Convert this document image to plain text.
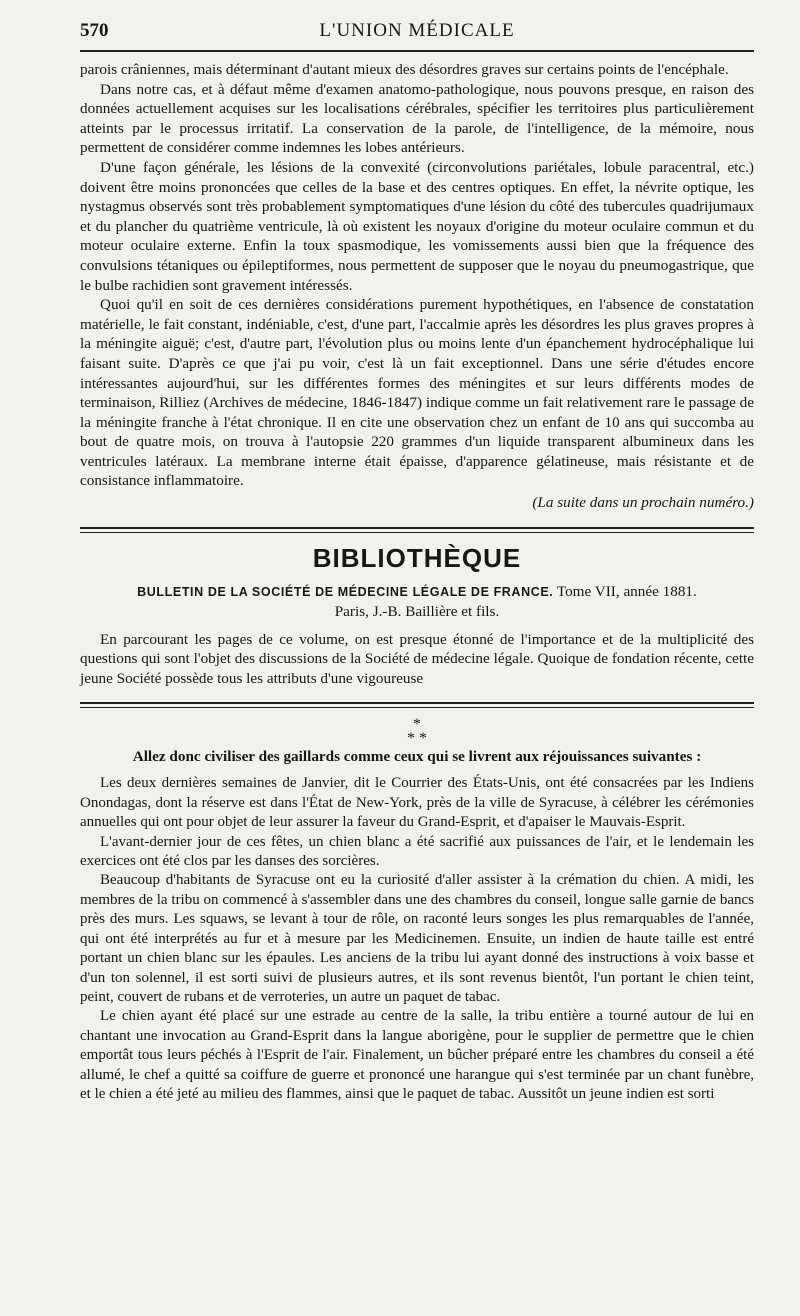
570	L'UNION MÉDICALE

parois crâniennes, mais déterminant d'autant mieux des désordres graves sur certains points de l'encéphale.

Dans notre cas, et à défaut même d'examen anatomo-pathologique, nous pouvons presque, en raison des données actuellement acquises sur les localisations cérébrales, spécifier les territoires plus particulièrement atteints par le processus irritatif. La conservation de la parole, de l'intelligence, de la mémoire, nous permettent de considérer comme indemnes les lobes antérieurs.

D'une façon générale, les lésions de la convexité (circonvolutions pariétales, lobule paracentral, etc.) doivent être moins prononcées que celles de la base et des centres optiques. En effet, la névrite optique, les nystagmus observés sont très probablement symptomatiques d'une lésion du côté des tubercules quadrijumaux et du plancher du quatrième ventricule, là où existent les noyaux d'origine du moteur oculaire commun et du moteur oculaire externe. Enfin la toux spasmodique, les vomissements aussi bien que la fréquence des convulsions tétaniques ou épileptiformes, nous permettent de supposer que le noyau du pneumogastrique, que le bulbe rachidien sont gravement intéressés.

Quoi qu'il en soit de ces dernières considérations purement hypothétiques, en l'absence de constatation matérielle, le fait constant, indéniable, c'est, d'une part, l'accalmie après les désordres les plus graves propres à la méningite aiguë; c'est, d'autre part, l'évolution plus ou moins lente d'un épanchement hydrocéphalique lui faisant suite. D'après ce que j'ai pu voir, c'est là un fait exceptionnel. Dans une série d'études encore intéressantes aujourd'hui, sur les différentes formes des méningites et sur leurs différents modes de terminaison, Rilliez (Archives de médecine, 1846-1847) indique comme un fait relativement rare le passage de la méningite franche à l'état chronique. Il en cite une observation chez un enfant de 10 ans qui succomba au bout de quatre mois, on trouva à l'autopsie 220 grammes d'un liquide transparent albumineux dans les ventricules latéraux. La membrane interne était épaisse, d'apparence gélatineuse, mais résistante et de consistance inflammatoire.

(La suite dans un prochain numéro.)

BIBLIOTHÈQUE
BULLETIN DE LA SOCIÉTÉ DE MÉDECINE LÉGALE DE FRANCE. Tome VII, année 1881.
Paris, J.-B. Baillière et fils.

En parcourant les pages de ce volume, on est presque étonné de l'importance et de la multiplicité des questions qui sont l'objet des discussions de la Société de médecine légale. Quoique de fondation récente, cette jeune Société possède tous les attributs d'une vigoureuse

*
* *
Allez donc civiliser des gaillards comme ceux qui se livrent aux réjouissances suivantes :

Les deux dernières semaines de Janvier, dit le Courrier des États-Unis, ont été consacrées par les Indiens Onondagas, dont la réserve est dans l'État de New-York, près de la ville de Syracuse, à célébrer les cérémonies annuelles qui ont pour objet de leur assurer la faveur du Grand-Esprit, et d'apaiser le Mauvais-Esprit.

L'avant-dernier jour de ces fêtes, un chien blanc a été sacrifié aux puissances de l'air, et le lendemain les exercices ont été clos par les danses des sorcières.

Beaucoup d'habitants de Syracuse ont eu la curiosité d'aller assister à la crémation du chien. A midi, les membres de la tribu on commencé à s'assembler dans une des chambres du conseil, longue salle garnie de bancs près des murs. Les squaws, se levant à tour de rôle, on raconté leurs songes les plus remarquables de l'année, qui ont été interprétés au fur et à mesure par les Medicinemen. Ensuite, un indien de haute taille est entré portant un chien blanc sur les épaules. Les anciens de la tribu lui ayant donné des instructions à voix basse et d'un ton solennel, il est sorti suivi de plusieurs autres, et ils sont revenus bientôt, l'un portant le chien teint, peint, couvert de rubans et de verroteries, un autre un paquet de tabac.

Le chien ayant été placé sur une estrade au centre de la salle, la tribu entière a tourné autour de lui en chantant une invocation au Grand-Esprit dans la langue aborigène, pour le supplier de permettre que le chien emportât tous leurs péchés à l'Esprit de l'air. Finalement, un bûcher préparé entre les chambres du conseil a été allumé, le chef a quitté sa coiffure de guerre et prononcé une harangue qui s'est terminée par un chant funèbre, et le chien a été jeté au milieu des flammes, ainsi que le paquet de tabac. Aussitôt un jeune indien est sorti
